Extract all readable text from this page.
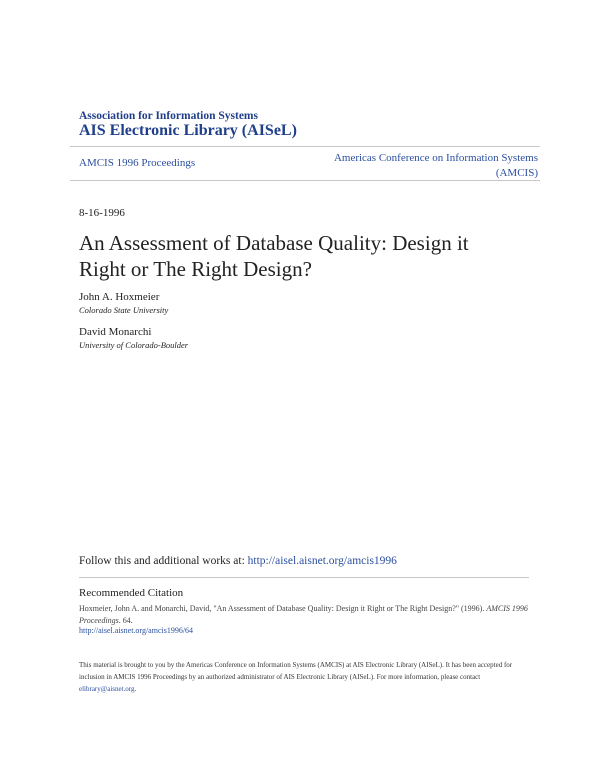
Association for Information Systems
AIS Electronic Library (AISeL)
AMCIS 1996 Proceedings	Americas Conference on Information Systems
(AMCIS)
8-16-1996
An Assessment of Database Quality: Design it Right or The Right Design?
John A. Hoxmeier
Colorado State University
David Monarchi
University of Colorado-Boulder
Follow this and additional works at: http://aisel.aisnet.org/amcis1996
Recommended Citation
Hoxmeier, John A. and Monarchi, David, "An Assessment of Database Quality: Design it Right or The Right Design?" (1996). AMCIS 1996 Proceedings. 64.
http://aisel.aisnet.org/amcis1996/64
This material is brought to you by the Americas Conference on Information Systems (AMCIS) at AIS Electronic Library (AISeL). It has been accepted for inclusion in AMCIS 1996 Proceedings by an authorized administrator of AIS Electronic Library (AISeL). For more information, please contact elibrary@aisnet.org.
